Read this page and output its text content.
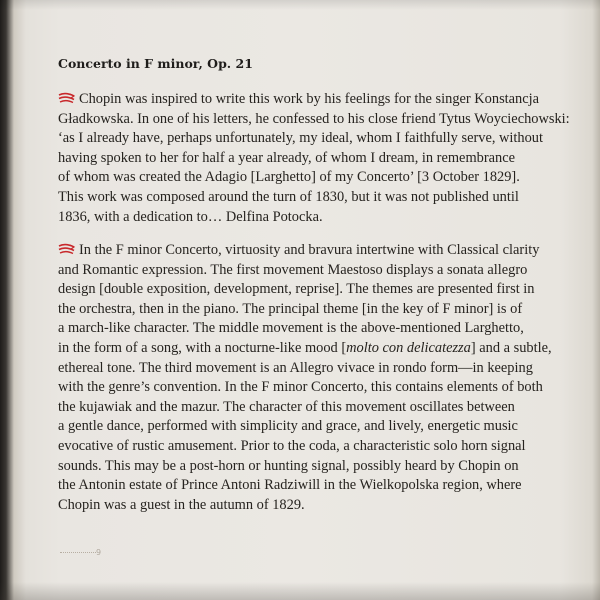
Concerto in F minor, Op. 21
Chopin was inspired to write this work by his feelings for the singer Konstancja
Gładkowska. In one of his letters, he confessed to his close friend Tytus Woyciechowski:
‘as I already have, perhaps unfortunately, my ideal, whom I faithfully serve, without
having spoken to her for half a year already, of whom I dream, in remembrance
of whom was created the Adagio [Larghetto] of my Concerto’ [3 October 1829].
This work was composed around the turn of 1830, but it was not published until
1836, with a dedication to… Delfina Potocka.
In the F minor Concerto, virtuosity and bravura intertwine with Classical clarity
and Romantic expression. The first movement Maestoso displays a sonata allegro
design [double exposition, development, reprise]. The themes are presented first in
the orchestra, then in the piano. The principal theme [in the key of F minor] is of
a march-like character. The middle movement is the above-mentioned Larghetto,
in the form of a song, with a nocturne-like mood [molto con delicatezza] and a subtle,
ethereal tone. The third movement is an Allegro vivace in rondo form—in keeping
with the genre’s convention. In the F minor Concerto, this contains elements of both
the kujawiak and the mazur. The character of this movement oscillates between
a gentle dance, performed with simplicity and grace, and lively, energetic music
evocative of rustic amusement. Prior to the coda, a characteristic solo horn signal
sounds. This may be a post-horn or hunting signal, possibly heard by Chopin on
the Antonin estate of Prince Antoni Radziwill in the Wielkopolska region, where
Chopin was a guest in the autumn of 1829.
9
